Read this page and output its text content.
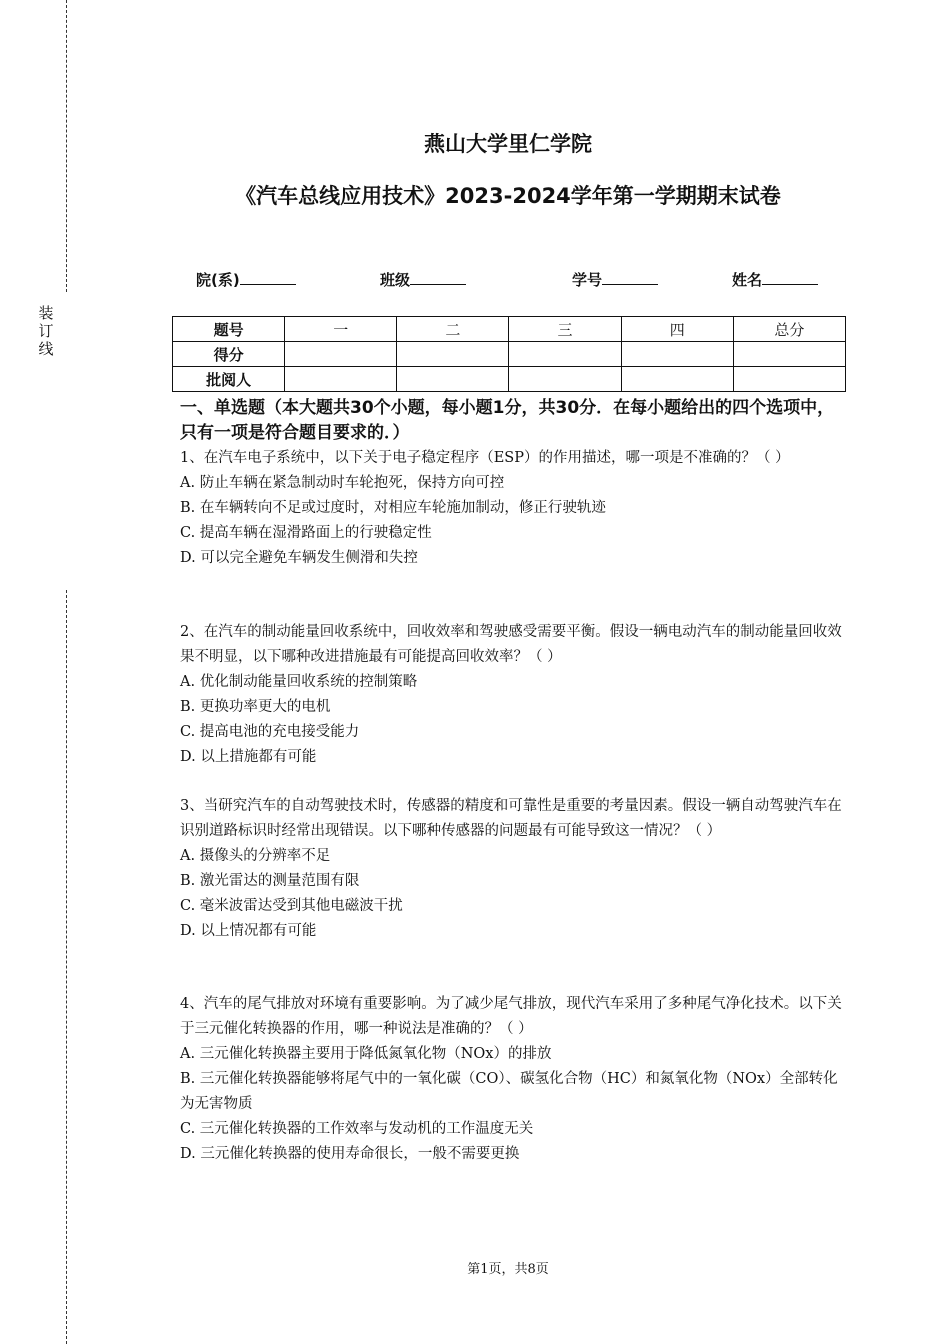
装
订
线
燕山大学里仁学院
《汽车总线应用技术》2023-2024学年第一学期期末试卷
院(系)	班级	学号	姓名
题号	一	二	三	四	总分
得分					
批阅人					
一、单选题（本大题共30个小题，每小题1分，共30分．在每小题给出的四个选项中，只有一项是符合题目要求的．）

1、在汽车电子系统中，以下关于电子稳定程序（ESP）的作用描述，哪一项是不准确的？（ ）

A. 防止车辆在紧急制动时车轮抱死，保持方向可控

B. 在车辆转向不足或过度时，对相应车轮施加制动，修正行驶轨迹

C. 提高车辆在湿滑路面上的行驶稳定性

D. 可以完全避免车辆发生侧滑和失控

2、在汽车的制动能量回收系统中，回收效率和驾驶感受需要平衡。假设一辆电动汽车的制动能量回收效果不明显，以下哪种改进措施最有可能提高回收效率？（ ）

A. 优化制动能量回收系统的控制策略

B. 更换功率更大的电机

C. 提高电池的充电接受能力

D. 以上措施都有可能

3、当研究汽车的自动驾驶技术时，传感器的精度和可靠性是重要的考量因素。假设一辆自动驾驶汽车在识别道路标识时经常出现错误。以下哪种传感器的问题最有可能导致这一情况？（ ）

A. 摄像头的分辨率不足

B. 激光雷达的测量范围有限

C. 毫米波雷达受到其他电磁波干扰

D. 以上情况都有可能

4、汽车的尾气排放对环境有重要影响。为了减少尾气排放，现代汽车采用了多种尾气净化技术。以下关于三元催化转换器的作用，哪一种说法是准确的？（ ）

A. 三元催化转换器主要用于降低氮氧化物（NOx）的排放

B. 三元催化转换器能够将尾气中的一氧化碳（CO）、碳氢化合物（HC）和氮氧化物（NOx）全部转化为无害物质

C. 三元催化转换器的工作效率与发动机的工作温度无关

D. 三元催化转换器的使用寿命很长，一般不需要更换

第1页，共8页
